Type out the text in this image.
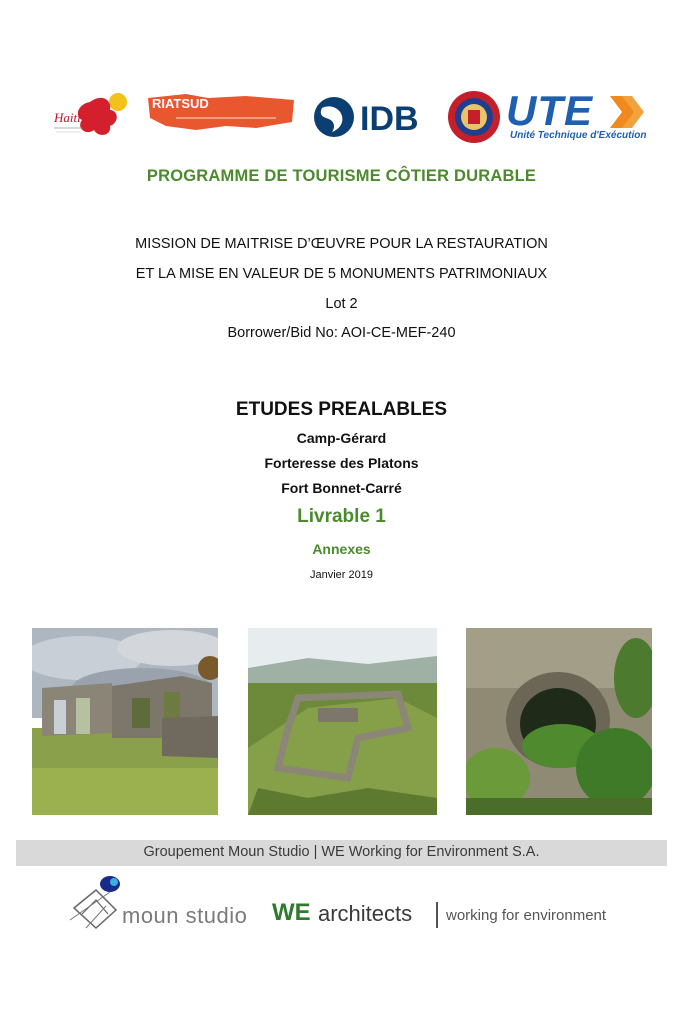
Haiti
RIATSUD	IDB UTE
Unité Technique d'Exécution
PROGRAMME DE TOURISME CÔTIER DURABLE
MISSION DE MAITRISE D’ŒUVRE POUR LA RESTAURATION
ET LA MISE EN VALEUR DE 5 MONUMENTS PATRIMONIAUX
Lot 2
Borrower/Bid No: AOI-CE-MEF-240
ETUDES PREALABLES
Camp-Gérard
Forteresse des Platons
Fort Bonnet-Carré
Livrable 1
Annexes
Janvier 2019
Groupement Moun Studio | WE Working for Environment S.A.
moun studio WE architects working for environment
